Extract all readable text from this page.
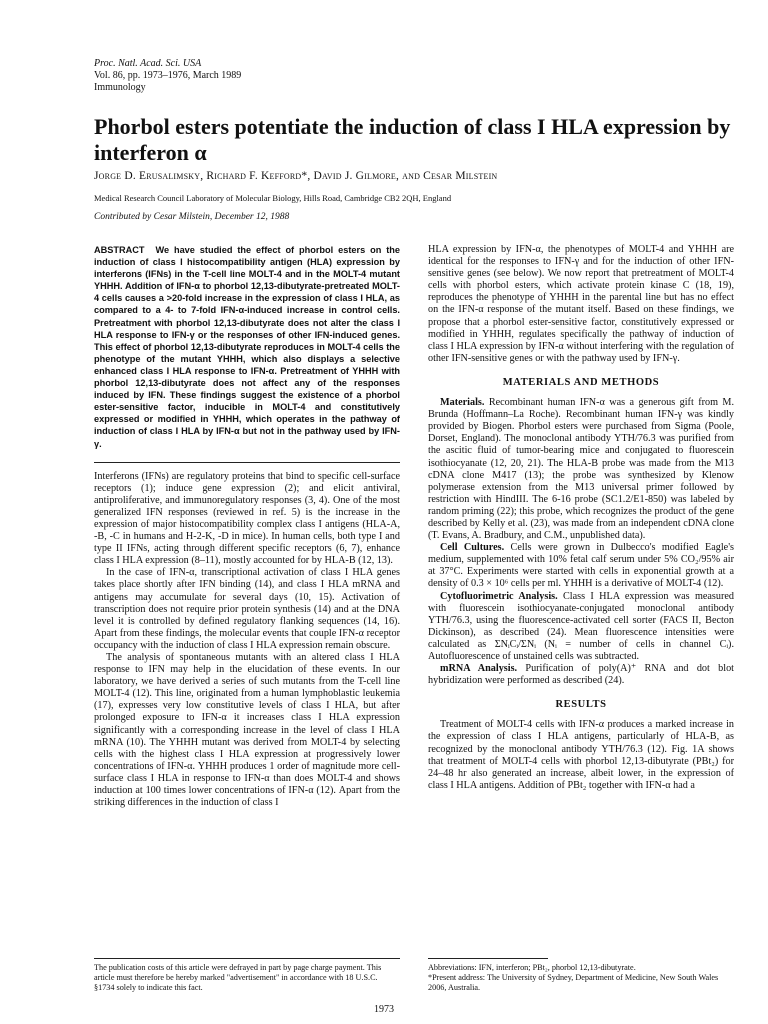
Proc. Natl. Acad. Sci. USA
Vol. 86, pp. 1973–1976, March 1989
Immunology
Phorbol esters potentiate the induction of class I HLA expression by interferon α
Jorge D. Erusalimsky, Richard F. Kefford*, David J. Gilmore, and Cesar Milstein
Medical Research Council Laboratory of Molecular Biology, Hills Road, Cambridge CB2 2QH, England
Contributed by Cesar Milstein, December 12, 1988
ABSTRACT We have studied the effect of phorbol esters on the induction of class I histocompatibility antigen (HLA) expression by interferons (IFNs) in the T-cell line MOLT-4 and in the MOLT-4 mutant YHHH. Addition of IFN-α to phorbol 12,13-dibutyrate-pretreated MOLT-4 cells causes a >20-fold increase in the expression of class I HLA, as compared to a 4- to 7-fold IFN-α-induced increase in control cells. Pretreatment with phorbol 12,13-dibutyrate does not alter the class I HLA response to IFN-γ or the responses of other IFN-induced genes. This effect of phorbol 12,13-dibutyrate reproduces in MOLT-4 cells the phenotype of the mutant YHHH, which also displays a selective enhanced class I HLA response to IFN-α. Pretreatment of YHHH with phorbol 12,13-dibutyrate does not affect any of the responses induced by IFN. These findings suggest the existence of a phorbol ester-sensitive factor, inducible in MOLT-4 and constitutively expressed or modified in YHHH, which operates in the pathway of induction of class I HLA by IFN-α but not in the pathway used by IFN-γ.

Interferons (IFNs) are regulatory proteins that bind to specific cell-surface receptors (1); induce gene expression (2); and elicit antiviral, antiproliferative, and immunoregulatory responses (3, 4). One of the most generalized IFN responses (reviewed in ref. 5) is the increase in the expression of major histocompatibility complex class I antigens (HLA-A, -B, -C in humans and H-2-K, -D in mice). In human cells, both type I and type II IFNs, acting through different specific receptors (6, 7), enhance class I HLA expression (8–11), mostly accounted for by HLA-B (12, 13).

In the case of IFN-α, transcriptional activation of class I HLA genes takes place shortly after IFN binding (14), and class I HLA mRNA and antigens may accumulate for several days (10, 15). Activation of transcription does not require prior protein synthesis (14) and at the DNA level it is controlled by defined regulatory flanking sequences (14, 16). Apart from these findings, the molecular events that couple IFN-α receptor occupancy with the induction of class I HLA expression remain obscure.

The analysis of spontaneous mutants with an altered class I HLA response to IFN may help in the elucidation of these events. In our laboratory, we have derived a series of such mutants from the T-cell line MOLT-4 (12). This line, originated from a human lymphoblastic leukemia (17), expresses very low constitutive levels of class I HLA, but after prolonged exposure to IFN-α it increases class I HLA expression significantly with a corresponding increase in the level of class I HLA mRNA (10). The YHHH mutant was derived from MOLT-4 by selecting cells with the highest class I HLA expression at progressively lower concentrations of IFN-α. YHHH produces 1 order of magnitude more cell-surface class I HLA in response to IFN-α than does MOLT-4 and shows induction at 100 times lower concentrations of IFN-α (12). Apart from the striking differences in the induction of class I

HLA expression by IFN-α, the phenotypes of MOLT-4 and YHHH are identical for the responses to IFN-γ and for the induction of other IFN-sensitive genes (see below). We now report that pretreatment of MOLT-4 cells with phorbol esters, which activate protein kinase C (18, 19), reproduces the phenotype of YHHH in the parental line but has no effect on the IFN-α response of the mutant itself. Based on these findings, we propose that a phorbol ester-sensitive factor, constitutively expressed or modified in YHHH, regulates specifically the pathway of induction of class I HLA expression by IFN-α without interfering with the regulation of other IFN-sensitive genes or with the pathway used by IFN-γ.

MATERIALS AND METHODS

Materials. Recombinant human IFN-α was a generous gift from M. Brunda (Hoffmann–La Roche). Recombinant human IFN-γ was kindly provided by Biogen. Phorbol esters were purchased from Sigma (Poole, Dorset, England). The monoclonal antibody YTH/76.3 was purified from the ascitic fluid of tumor-bearing mice and conjugated to fluorescein isothiocyanate (12, 20, 21). The HLA-B probe was made from the M13 cDNA clone M417 (13); the probe was synthesized by Klenow polymerase extension from the M13 universal primer followed by restriction with HindIII. The 6-16 probe (SC1.2/E1-850) was labeled by random priming (22); this probe, which recognizes the product of the gene described by Kelly et al. (23), was made from an independent cDNA clone (T. Evans, A. Bradbury, and C.M., unpublished data).

Cell Cultures. Cells were grown in Dulbecco's modified Eagle's medium, supplemented with 10% fetal calf serum under 5% CO₂/95% air at 37°C. Experiments were started with cells in exponential growth at a density of 0.3 × 10⁶ cells per ml. YHHH is a derivative of MOLT-4 (12).

Cytofluorimetric Analysis. Class I HLA expression was measured with fluorescein isothiocyanate-conjugated monoclonal antibody YTH/76.3, using the fluorescence-activated cell sorter (FACS II, Becton Dickinson), as described (24). Mean fluorescence intensities were calculated as ΣNᵢCᵢ/ΣNᵢ (Nᵢ = number of cells in channel Cᵢ). Autofluorescence of unstained cells was subtracted.

mRNA Analysis. Purification of poly(A)⁺ RNA and dot blot hybridization were performed as described (24).

RESULTS

Treatment of MOLT-4 cells with IFN-α produces a marked increase in the expression of class I HLA antigens, particularly of HLA-B, as recognized by the monoclonal antibody YTH/76.3 (12). Fig. 1A shows that treatment of MOLT-4 cells with phorbol 12,13-dibutyrate (PBt₂) for 24–48 hr also generated an increase, albeit lower, in the expression of class I HLA antigens. Addition of PBt₂ together with IFN-α had a

The publication costs of this article were defrayed in part by page charge payment. This article must therefore be hereby marked "advertisement" in accordance with 18 U.S.C. §1734 solely to indicate this fact.
Abbreviations: IFN, interferon; PBt₂, phorbol 12,13-dibutyrate.
*Present address: The University of Sydney, Department of Medicine, New South Wales 2006, Australia.
1973
